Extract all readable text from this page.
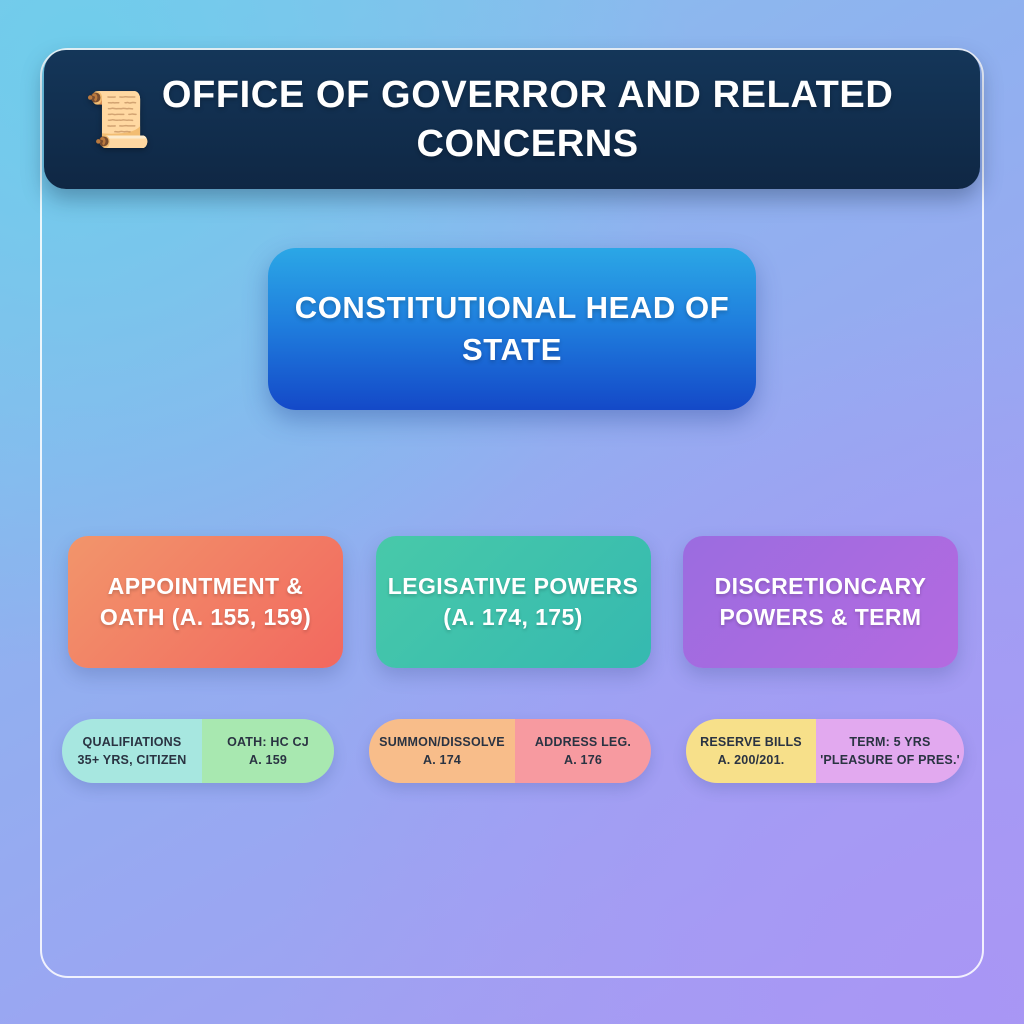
📜 OFFICE OF GOVERROR AND RELATED CONCERNS
CONSTITUTIONAL HEAD OF STATE
APPOINTMENT & OATH (A. 155, 159)
LEGISATIVE POWERS (A. 174, 175)
DISCRETIONCARY POWERS & TERM
QUALIFIATIONS
35+ YRS, CITIZEN
OATH: HC CJ
A. 159
SUMMON/DISSOLVE
A. 174
ADDRESS LEG.
A. 176
RESERVE BILLS
A. 200/201.
TERM: 5 YRS
'PLEASURE OF PRES.'
